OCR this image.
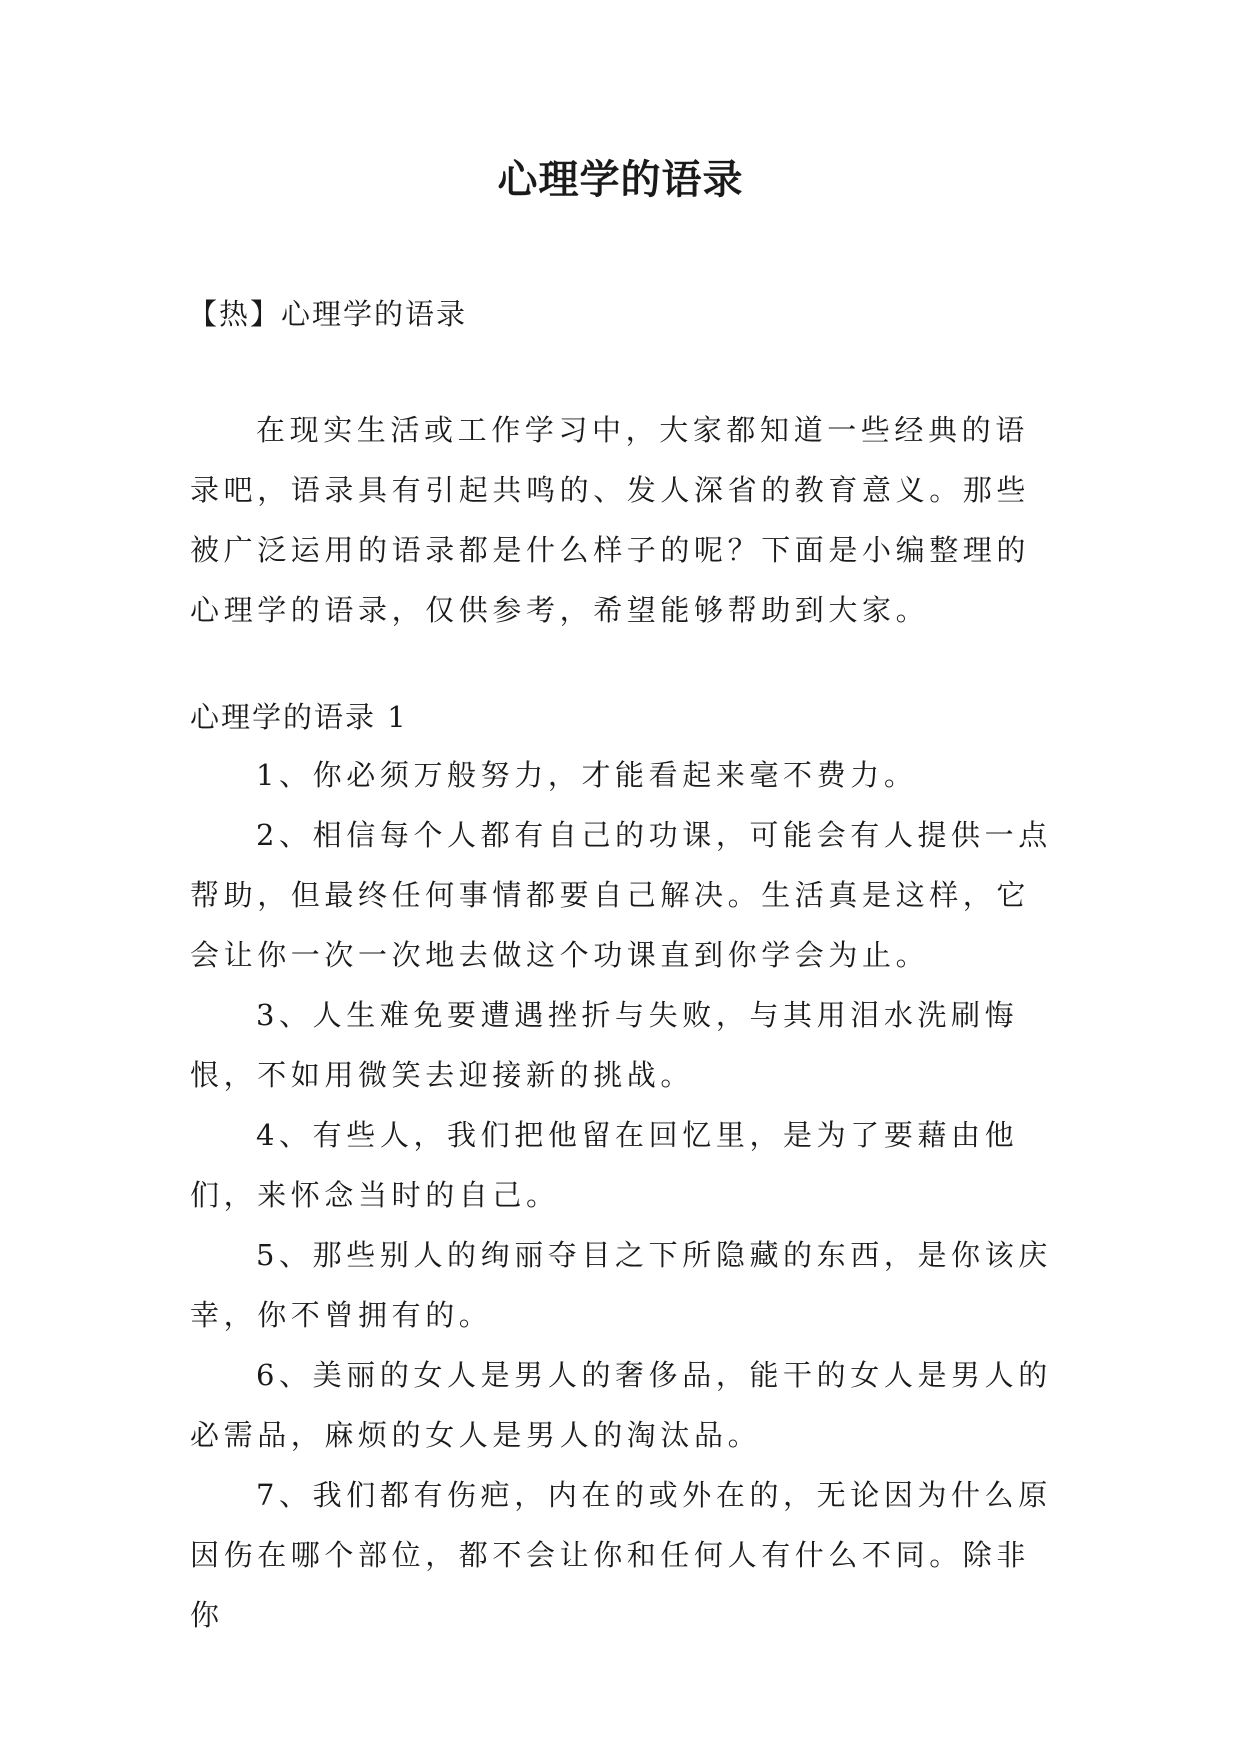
心理学的语录

【热】心理学的语录

在现实生活或工作学习中，大家都知道一些经典的语录吧，语录具有引起共鸣的、发人深省的教育意义。那些被广泛运用的语录都是什么样子的呢？下面是小编整理的心理学的语录，仅供参考，希望能够帮助到大家。

心理学的语录 1

1、你必须万般努力，才能看起来毫不费力。
2、相信每个人都有自己的功课，可能会有人提供一点帮助，但最终任何事情都要自己解决。生活真是这样，它会让你一次一次地去做这个功课直到你学会为止。
3、人生难免要遭遇挫折与失败，与其用泪水洗刷悔恨，不如用微笑去迎接新的挑战。
4、有些人，我们把他留在回忆里，是为了要藉由他们，来怀念当时的自己。
5、那些别人的绚丽夺目之下所隐藏的东西，是你该庆幸，你不曾拥有的。
6、美丽的女人是男人的奢侈品，能干的女人是男人的必需品，麻烦的女人是男人的淘汰品。
7、我们都有伤疤，内在的或外在的，无论因为什么原因伤在哪个部位，都不会让你和任何人有什么不同。除非你
